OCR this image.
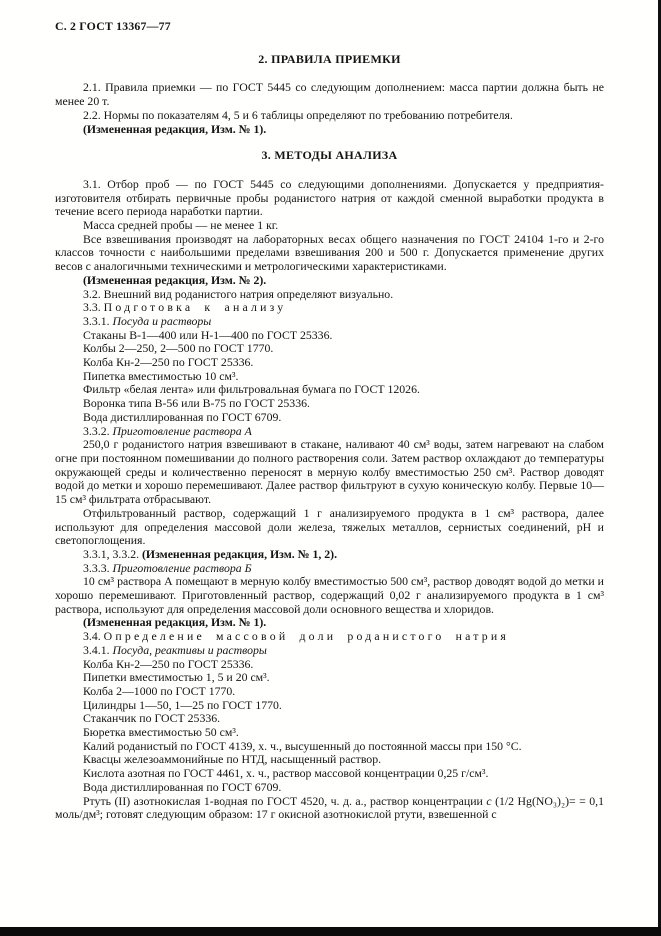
С. 2 ГОСТ 13367—77

2. ПРАВИЛА ПРИЕМКИ

2.1. Правила приемки — по ГОСТ 5445 со следующим дополнением: масса партии должна быть не менее 20 т.

2.2. Нормы по показателям 4, 5 и 6 таблицы определяют по требованию потребителя.

(Измененная редакция, Изм. № 1).

3. МЕТОДЫ АНАЛИЗА

3.1. Отбор проб — по ГОСТ 5445 со следующими дополнениями. Допускается у предприятия-изготовителя отбирать первичные пробы роданистого натрия от каждой сменной выработки продукта в течение всего периода наработки партии.

Масса средней пробы — не менее 1 кг.

Все взвешивания производят на лабораторных весах общего назначения по ГОСТ 24104 1-го и 2-го классов точности с наибольшими пределами взвешивания 200 и 500 г. Допускается применение других весов с аналогичными техническими и метрологическими характеристиками.

(Измененная редакция, Изм. № 2).

3.2. Внешний вид роданистого натрия определяют визуально.

3.3. Подготовка к анализу

3.3.1. Посуда и растворы

Стаканы В-1—400 или Н-1—400 по ГОСТ 25336.

Колбы 2—250, 2—500 по ГОСТ 1770.

Колба Кн-2—250 по ГОСТ 25336.

Пипетка вместимостью 10 см³.

Фильтр «белая лента» или фильтровальная бумага по ГОСТ 12026.

Воронка типа В-56 или В-75 по ГОСТ 25336.

Вода дистиллированная по ГОСТ 6709.

3.3.2. Приготовление раствора А

250,0 г роданистого натрия взвешивают в стакане, наливают 40 см³ воды, затем нагревают на слабом огне при постоянном помешивании до полного растворения соли. Затем раствор охлаждают до температуры окружающей среды и количественно переносят в мерную колбу вместимостью 250 см³. Раствор доводят водой до метки и хорошо перемешивают. Далее раствор фильтруют в сухую коническую колбу. Первые 10—15 см³ фильтрата отбрасывают.

Отфильтрованный раствор, содержащий 1 г анализируемого продукта в 1 см³ раствора, далее используют для определения массовой доли железа, тяжелых металлов, сернистых соединений, рН и светопоглощения.

3.3.1, 3.3.2. (Измененная редакция, Изм. № 1, 2).

3.3.3. Приготовление раствора Б

10 см³ раствора А помещают в мерную колбу вместимостью 500 см³, раствор доводят водой до метки и хорошо перемешивают. Приготовленный раствор, содержащий 0,02 г анализируемого продукта в 1 см³ раствора, используют для определения массовой доли основного вещества и хлоридов.

(Измененная редакция, Изм. № 1).

3.4. Определение массовой доли роданистого натрия

3.4.1. Посуда, реактивы и растворы

Колба Кн-2—250 по ГОСТ 25336.

Пипетки вместимостью 1, 5 и 20 см³.

Колба 2—1000 по ГОСТ 1770.

Цилиндры 1—50, 1—25 по ГОСТ 1770.

Стаканчик по ГОСТ 25336.

Бюретка вместимостью 50 см³.

Калий роданистый по ГОСТ 4139, х. ч., высушенный до постоянной массы при 150 °С.

Квасцы железоаммонийные по НТД, насыщенный раствор.

Кислота азотная по ГОСТ 4461, х. ч., раствор массовой концентрации 0,25 г/см³.

Вода дистиллированная по ГОСТ 6709.

Ртуть (II) азотнокислая 1-водная по ГОСТ 4520, ч. д. а., раствор концентрации с (1/2 Hg(NO₃)₂)= = 0,1 моль/дм³; готовят следующим образом: 17 г окисной азотнокислой ртути, взвешенной с
